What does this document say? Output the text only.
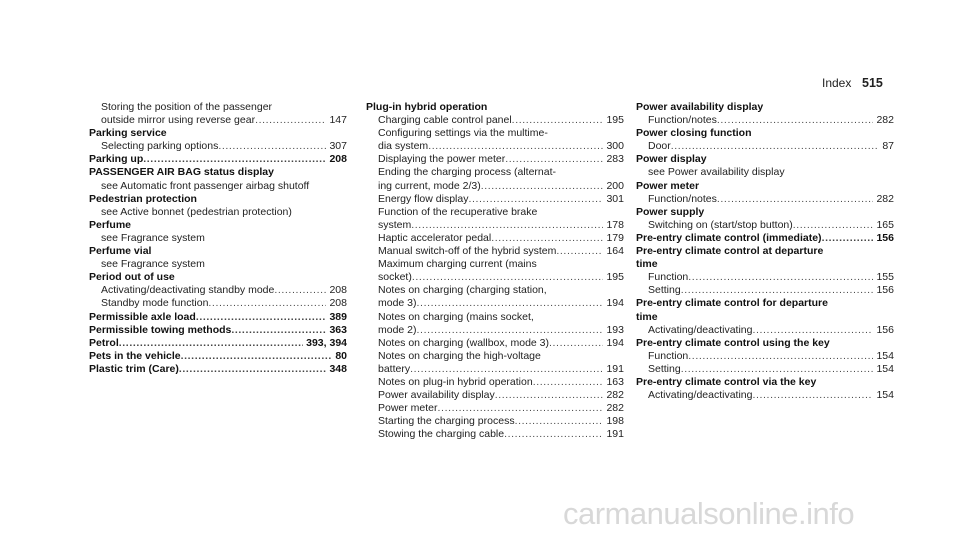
Index 515
Storing the position of the passenger
outside mirror using reverse gear .....	147
Parking service
Selecting parking options .....	307
Parking up .....	208
PASSENGER AIR BAG status display
see Automatic front passenger airbag shutoff
Pedestrian protection
see Active bonnet (pedestrian protection)
Perfume
see Fragrance system
Perfume vial
see Fragrance system
Period out of use
Activating/deactivating standby mode .....	208
Standby mode function .....	208
Permissible axle load .....	389
Permissible towing methods .....	363
Petrol .....	393, 394
Pets in the vehicle .....	80
Plastic trim (Care) .....	348
Plug-in hybrid operation
Charging cable control panel .....	195
Configuring settings via the multime-
dia system .....	300
Displaying the power meter .....	283
Ending the charging process (alternat-
ing current, mode 2/3) .....	200
Energy flow display .....	301
Function of the recuperative brake
system .....	178
Haptic accelerator pedal .....	179
Manual switch-off of the hybrid system .....	164
Maximum charging current (mains
socket) .....	195
Notes on charging (charging station,
mode 3) .....	194
Notes on charging (mains socket,
mode 2) .....	193
Notes on charging (wallbox, mode 3) .....	194
Notes on charging the high-voltage
battery .....	191
Notes on plug-in hybrid operation .....	163
Power availability display .....	282
Power meter .....	282
Starting the charging process .....	198
Stowing the charging cable .....	191
Power availability display
Function/notes .....	282
Power closing function
Door .....	87
Power display
see Power availability display
Power meter
Function/notes .....	282
Power supply
Switching on (start/stop button) .....	165
Pre-entry climate control (immediate) .....	156
Pre-entry climate control at departure
time
Function .....	155
Setting .....	156
Pre-entry climate control for departure
time
Activating/deactivating .....	156
Pre-entry climate control using the key
Function .....	154
Setting .....	154
Pre-entry climate control via the key
Activating/deactivating .....	154
carmanualsonline.info
